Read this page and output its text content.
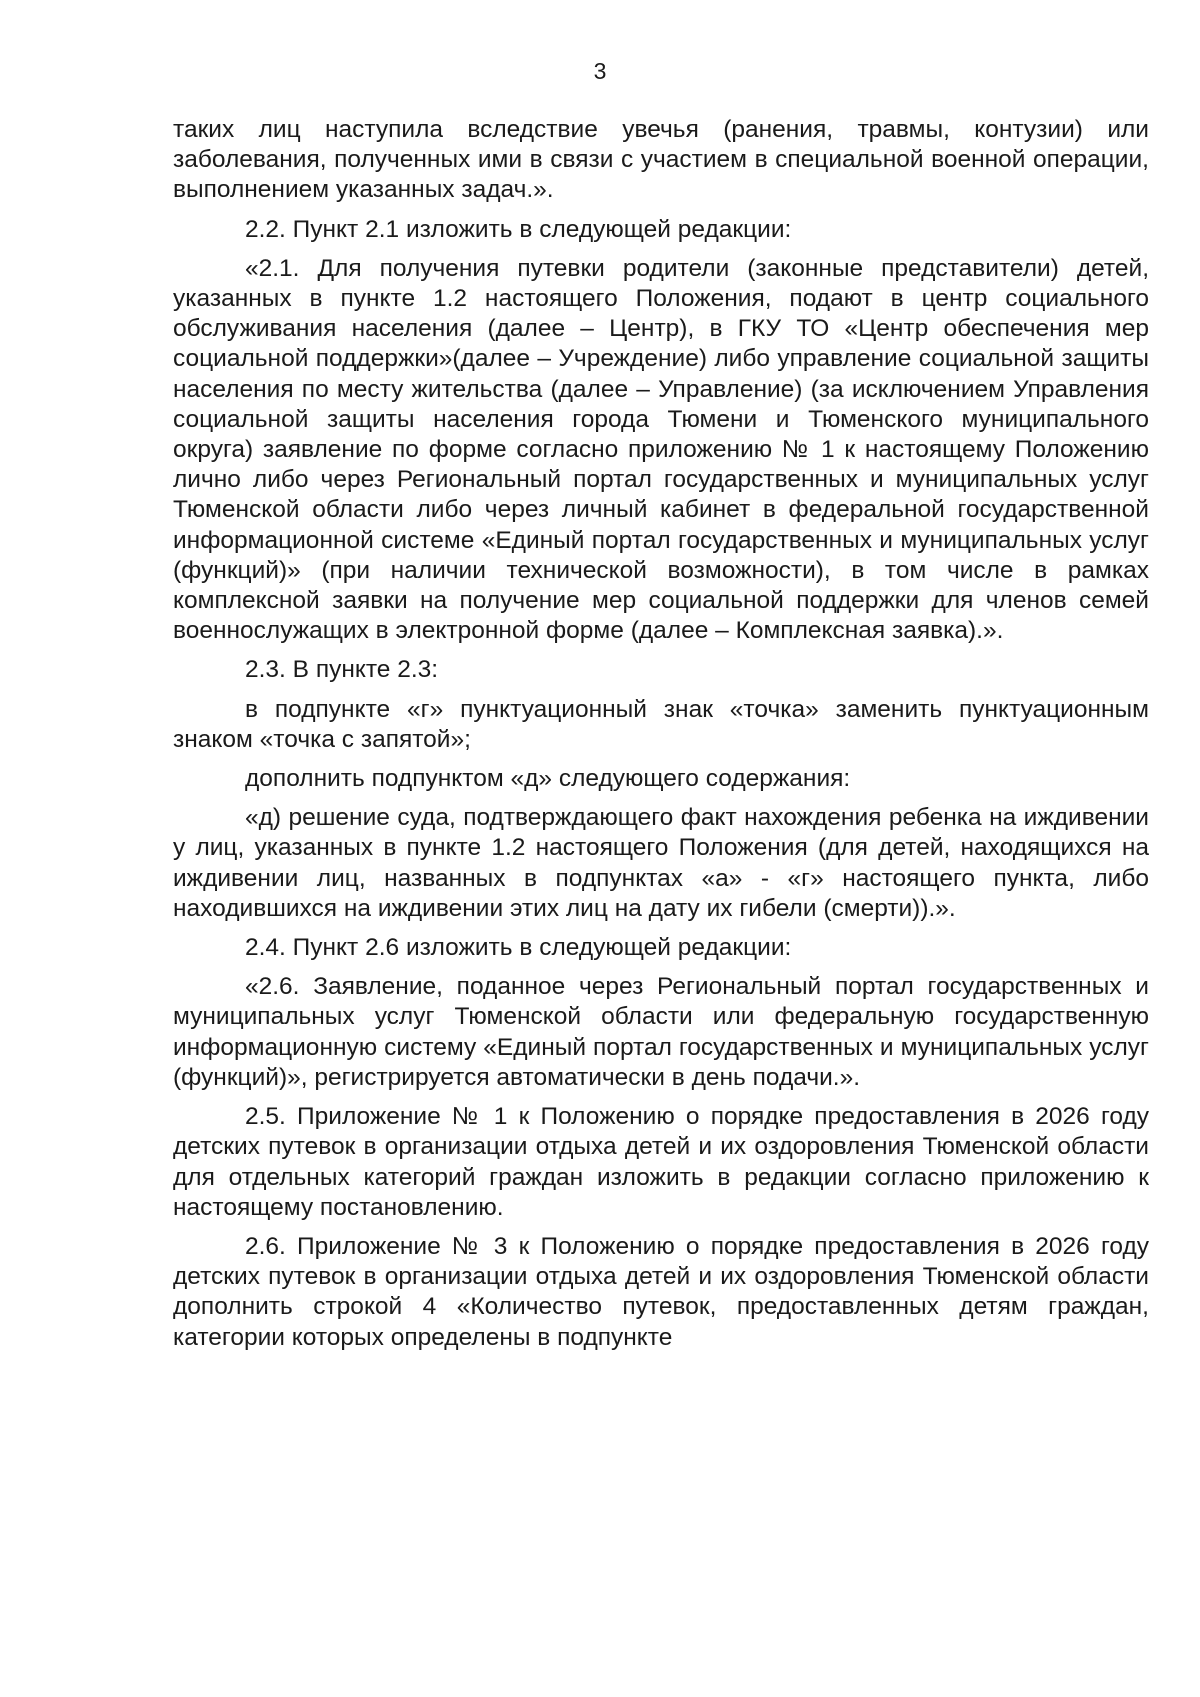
3

таких лиц наступила вследствие увечья (ранения, травмы, контузии) или заболевания, полученных ими в связи с участием в специальной военной операции, выполнением указанных задач.».

2.2. Пункт 2.1 изложить в следующей редакции:

«2.1. Для получения путевки родители (законные представители) детей, указанных в пункте 1.2 настоящего Положения, подают в центр социального обслуживания населения (далее – Центр), в ГКУ ТО «Центр обеспечения мер социальной поддержки»(далее – Учреждение) либо управление социальной защиты населения по месту жительства (далее – Управление) (за исключением Управления социальной защиты населения города Тюмени и Тюменского муниципального округа) заявление по форме согласно приложению № 1 к настоящему Положению лично либо через Региональный портал государственных и муниципальных услуг Тюменской области либо через личный кабинет в федеральной государственной информационной системе «Единый портал государственных и муниципальных услуг (функций)» (при наличии технической возможности), в том числе в рамках комплексной заявки на получение мер социальной поддержки для членов семей военнослужащих в электронной форме (далее – Комплексная заявка).».

2.3. В пункте 2.3:

в подпункте «г» пунктуационный знак «точка» заменить пунктуационным знаком «точка с запятой»;

дополнить подпунктом «д» следующего содержания:

«д) решение суда, подтверждающего факт нахождения ребенка на иждивении у лиц, указанных в пункте 1.2 настоящего Положения (для детей, находящихся на иждивении лиц, названных в подпунктах «а» - «г» настоящего пункта, либо находившихся на иждивении этих лиц на дату их гибели (смерти)).».

2.4. Пункт 2.6 изложить в следующей редакции:

«2.6. Заявление, поданное через Региональный портал государственных и муниципальных услуг Тюменской области или федеральную государственную информационную систему «Единый портал государственных и муниципальных услуг (функций)», регистрируется автоматически в день подачи.».

2.5. Приложение № 1 к Положению о порядке предоставления в 2026 году детских путевок в организации отдыха детей и их оздоровления Тюменской области для отдельных категорий граждан изложить в редакции согласно приложению к настоящему постановлению.

2.6. Приложение № 3 к Положению о порядке предоставления в 2026 году детских путевок в организации отдыха детей и их оздоровления Тюменской области дополнить строкой 4 «Количество путевок, предоставленных детям граждан, категории которых определены в подпункте
